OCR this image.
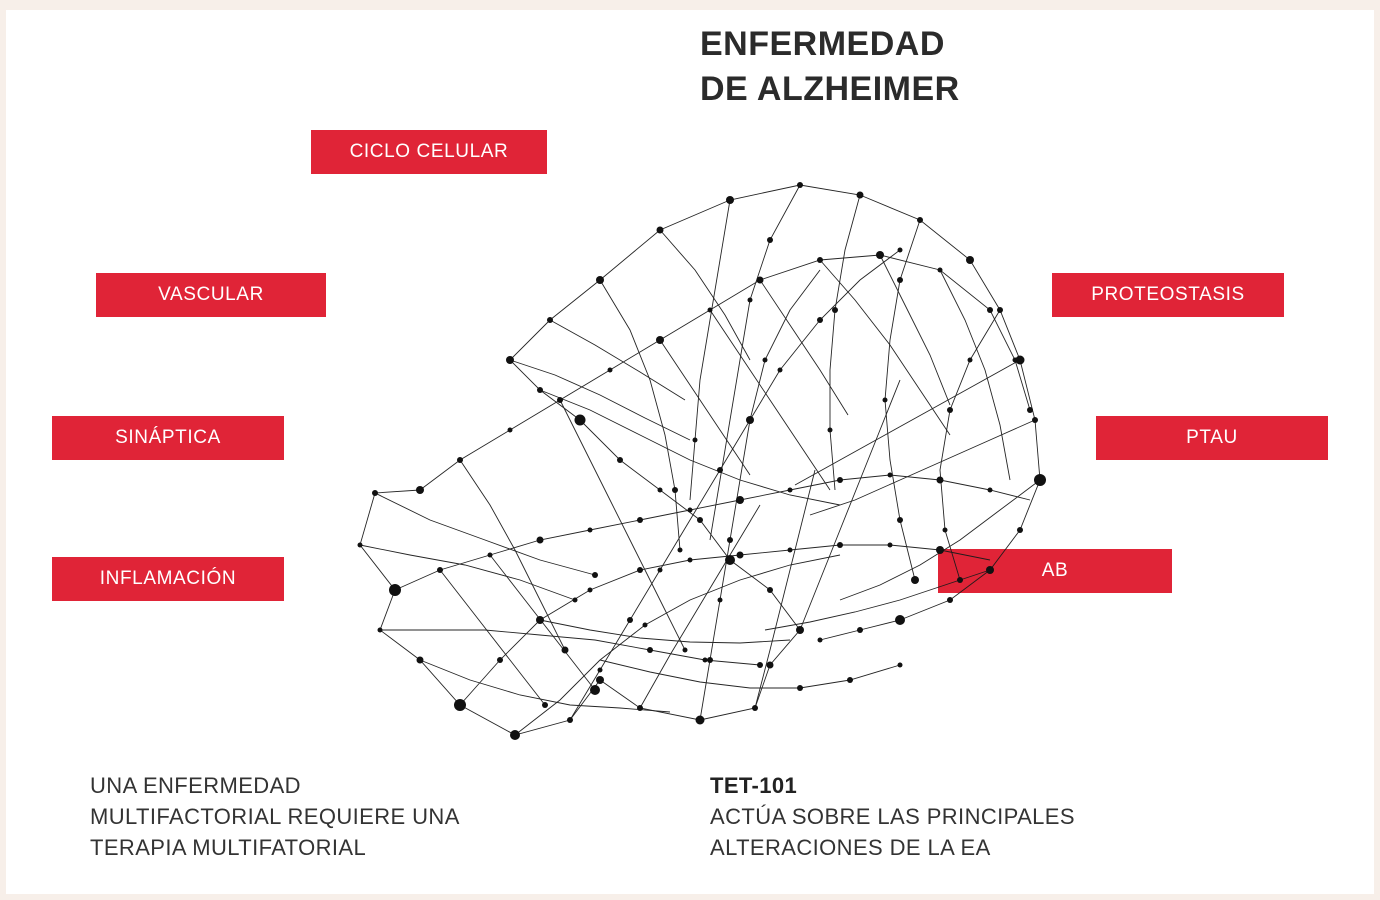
ENFERMEDAD
DE ALZHEIMER
CICLO CELULAR
VASCULAR
SINÁPTICA
INFLAMACIÓN
PROTEOSTASIS
PTAU
AB
UNA ENFERMEDAD
MULTIFACTORIAL REQUIERE UNA
TERAPIA MULTIFATORIAL
TET-101
ACTÚA SOBRE LAS PRINCIPALES
ALTERACIONES DE LA EA
